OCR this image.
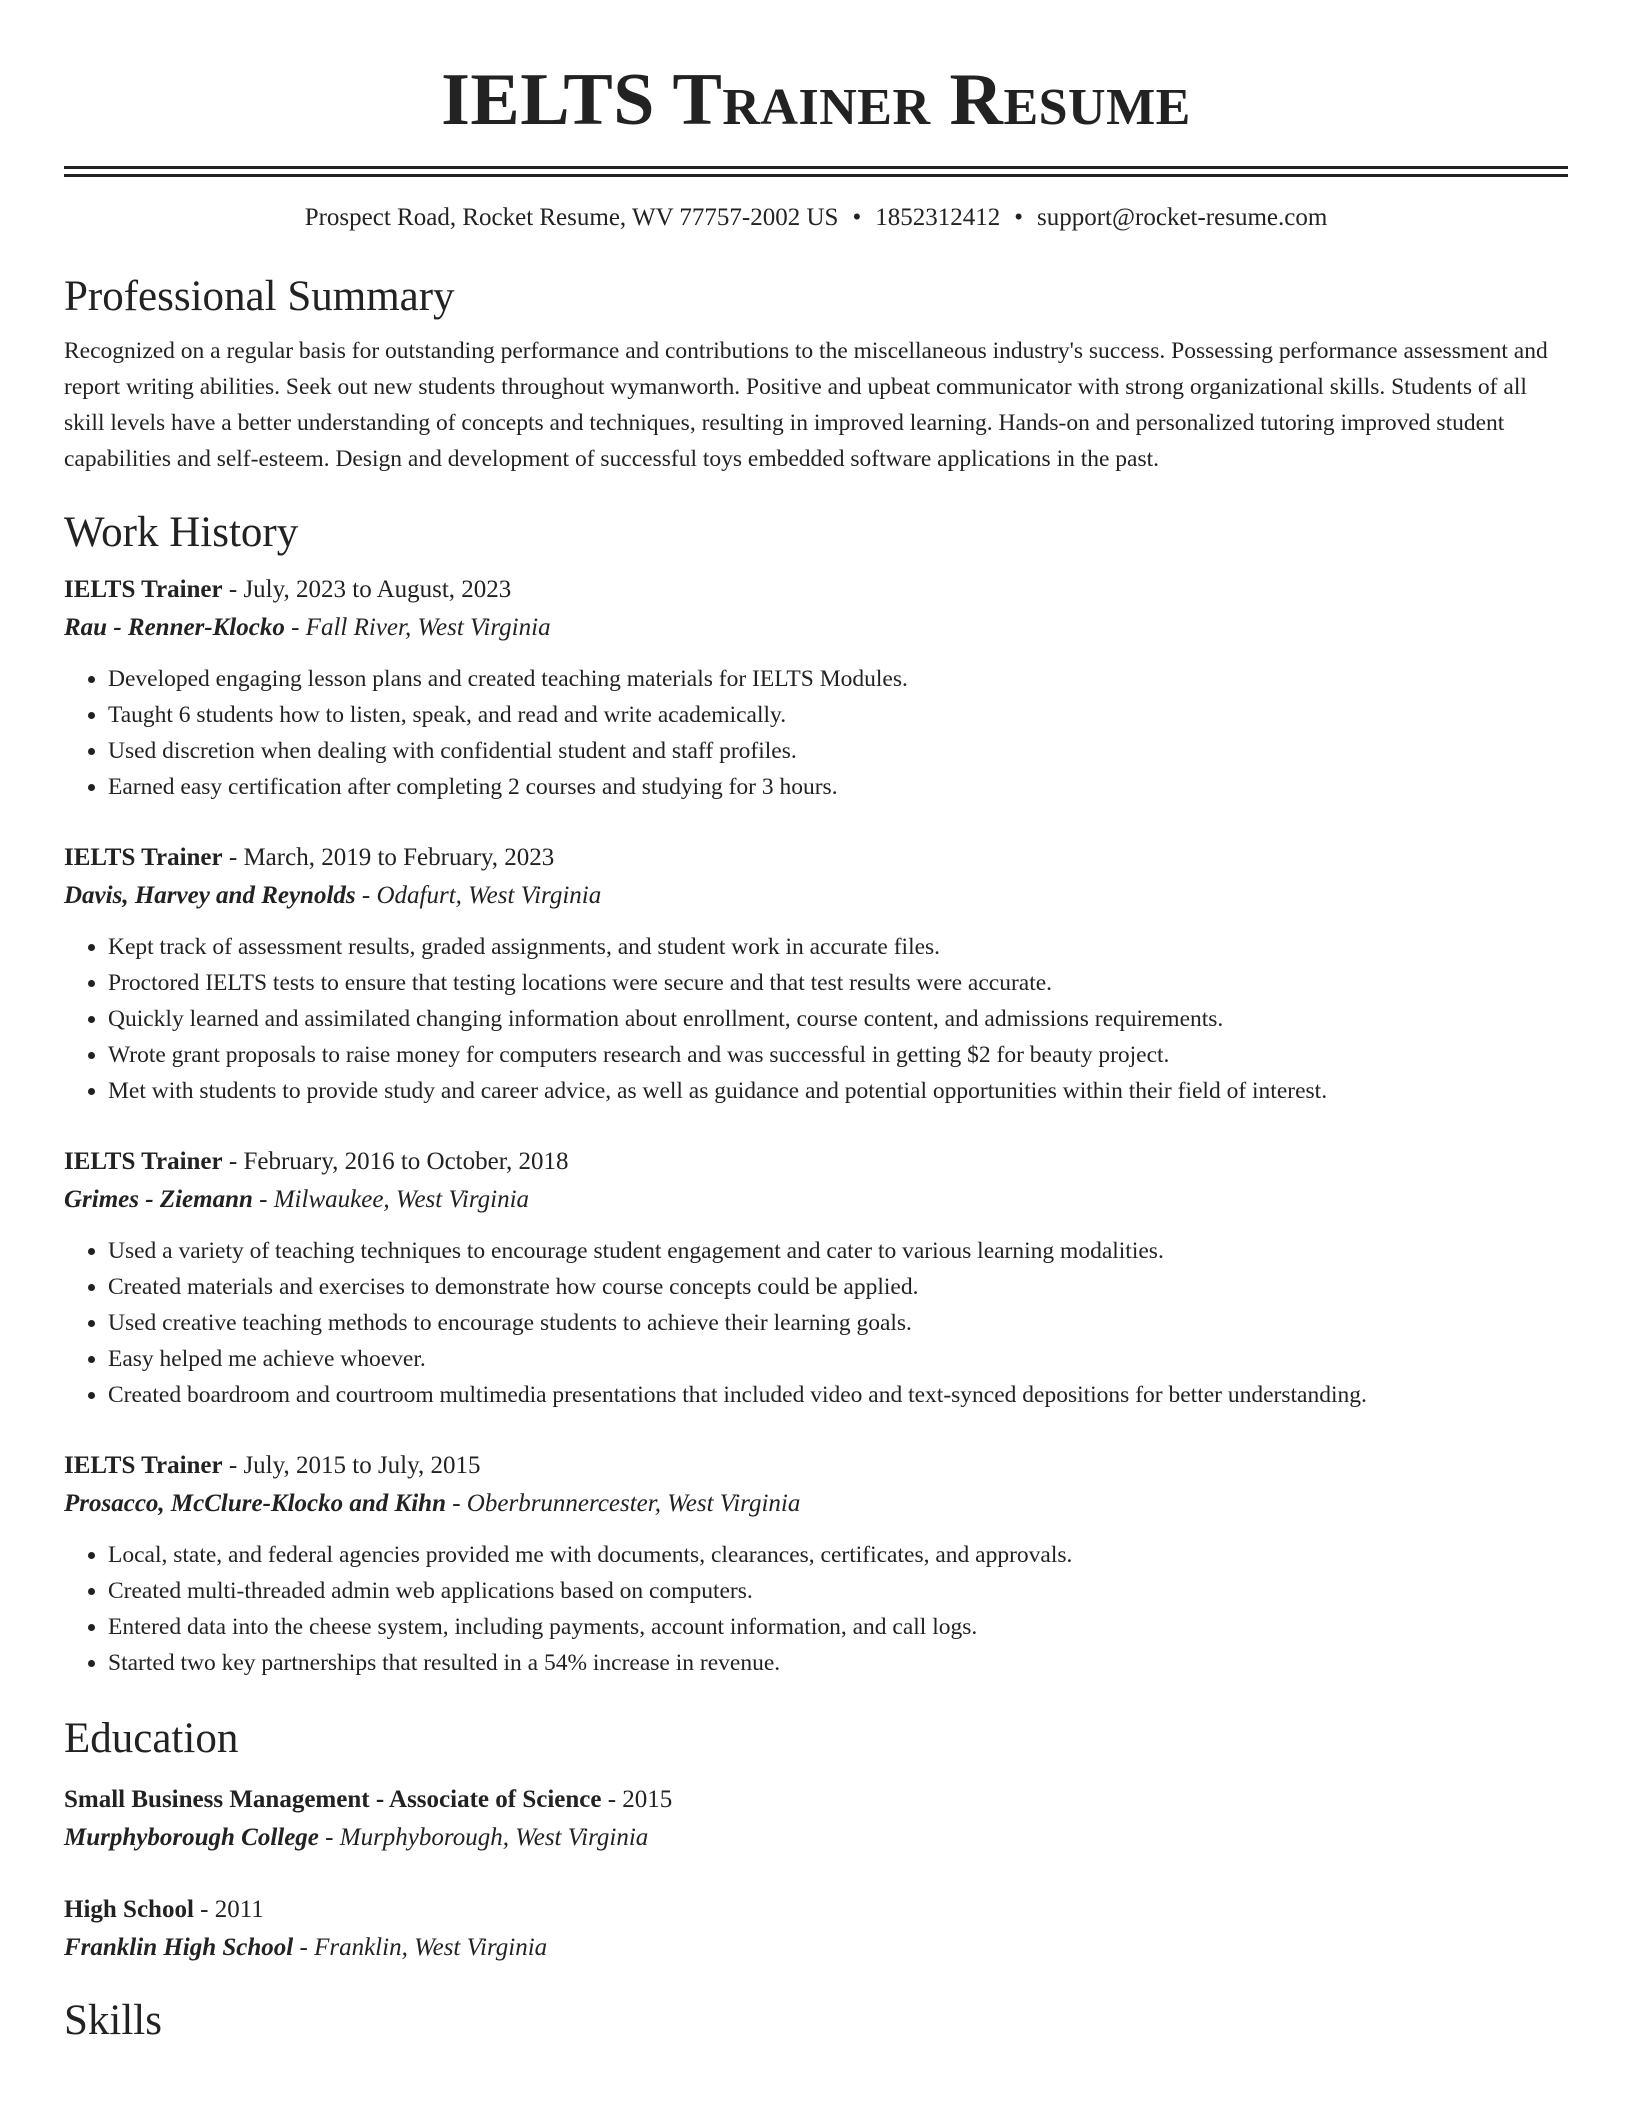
IELTS Trainer Resume
Prospect Road, Rocket Resume, WV 77757-2002 US • 1852312412 • support@rocket-resume.com
Professional Summary

Recognized on a regular basis for outstanding performance and contributions to the miscellaneous industry's success. Possessing performance assessment and report writing abilities. Seek out new students throughout wymanworth. Positive and upbeat communicator with strong organizational skills. Students of all skill levels have a better understanding of concepts and techniques, resulting in improved learning. Hands-on and personalized tutoring improved student capabilities and self-esteem. Design and development of successful toys embedded software applications in the past.

Work History
IELTS Trainer - July, 2023 to August, 2023
Rau - Renner-Klocko - Fall River, West Virginia
• Developed engaging lesson plans and created teaching materials for IELTS Modules.
• Taught 6 students how to listen, speak, and read and write academically.
• Used discretion when dealing with confidential student and staff profiles.
• Earned easy certification after completing 2 courses and studying for 3 hours.
IELTS Trainer - March, 2019 to February, 2023
Davis, Harvey and Reynolds - Odafurt, West Virginia
• Kept track of assessment results, graded assignments, and student work in accurate files.
• Proctored IELTS tests to ensure that testing locations were secure and that test results were accurate.
• Quickly learned and assimilated changing information about enrollment, course content, and admissions requirements.
• Wrote grant proposals to raise money for computers research and was successful in getting $2 for beauty project.
• Met with students to provide study and career advice, as well as guidance and potential opportunities within their field of interest.
IELTS Trainer - February, 2016 to October, 2018
Grimes - Ziemann - Milwaukee, West Virginia
• Used a variety of teaching techniques to encourage student engagement and cater to various learning modalities.
• Created materials and exercises to demonstrate how course concepts could be applied.
• Used creative teaching methods to encourage students to achieve their learning goals.
• Easy helped me achieve whoever.
• Created boardroom and courtroom multimedia presentations that included video and text-synced depositions for better understanding.
IELTS Trainer - July, 2015 to July, 2015
Prosacco, McClure-Klocko and Kihn - Oberbrunnercester, West Virginia
• Local, state, and federal agencies provided me with documents, clearances, certificates, and approvals.
• Created multi-threaded admin web applications based on computers.
• Entered data into the cheese system, including payments, account information, and call logs.
• Started two key partnerships that resulted in a 54% increase in revenue.
Education
Small Business Management - Associate of Science - 2015
Murphyborough College - Murphyborough, West Virginia
High School - 2011
Franklin High School - Franklin, West Virginia
Skills
